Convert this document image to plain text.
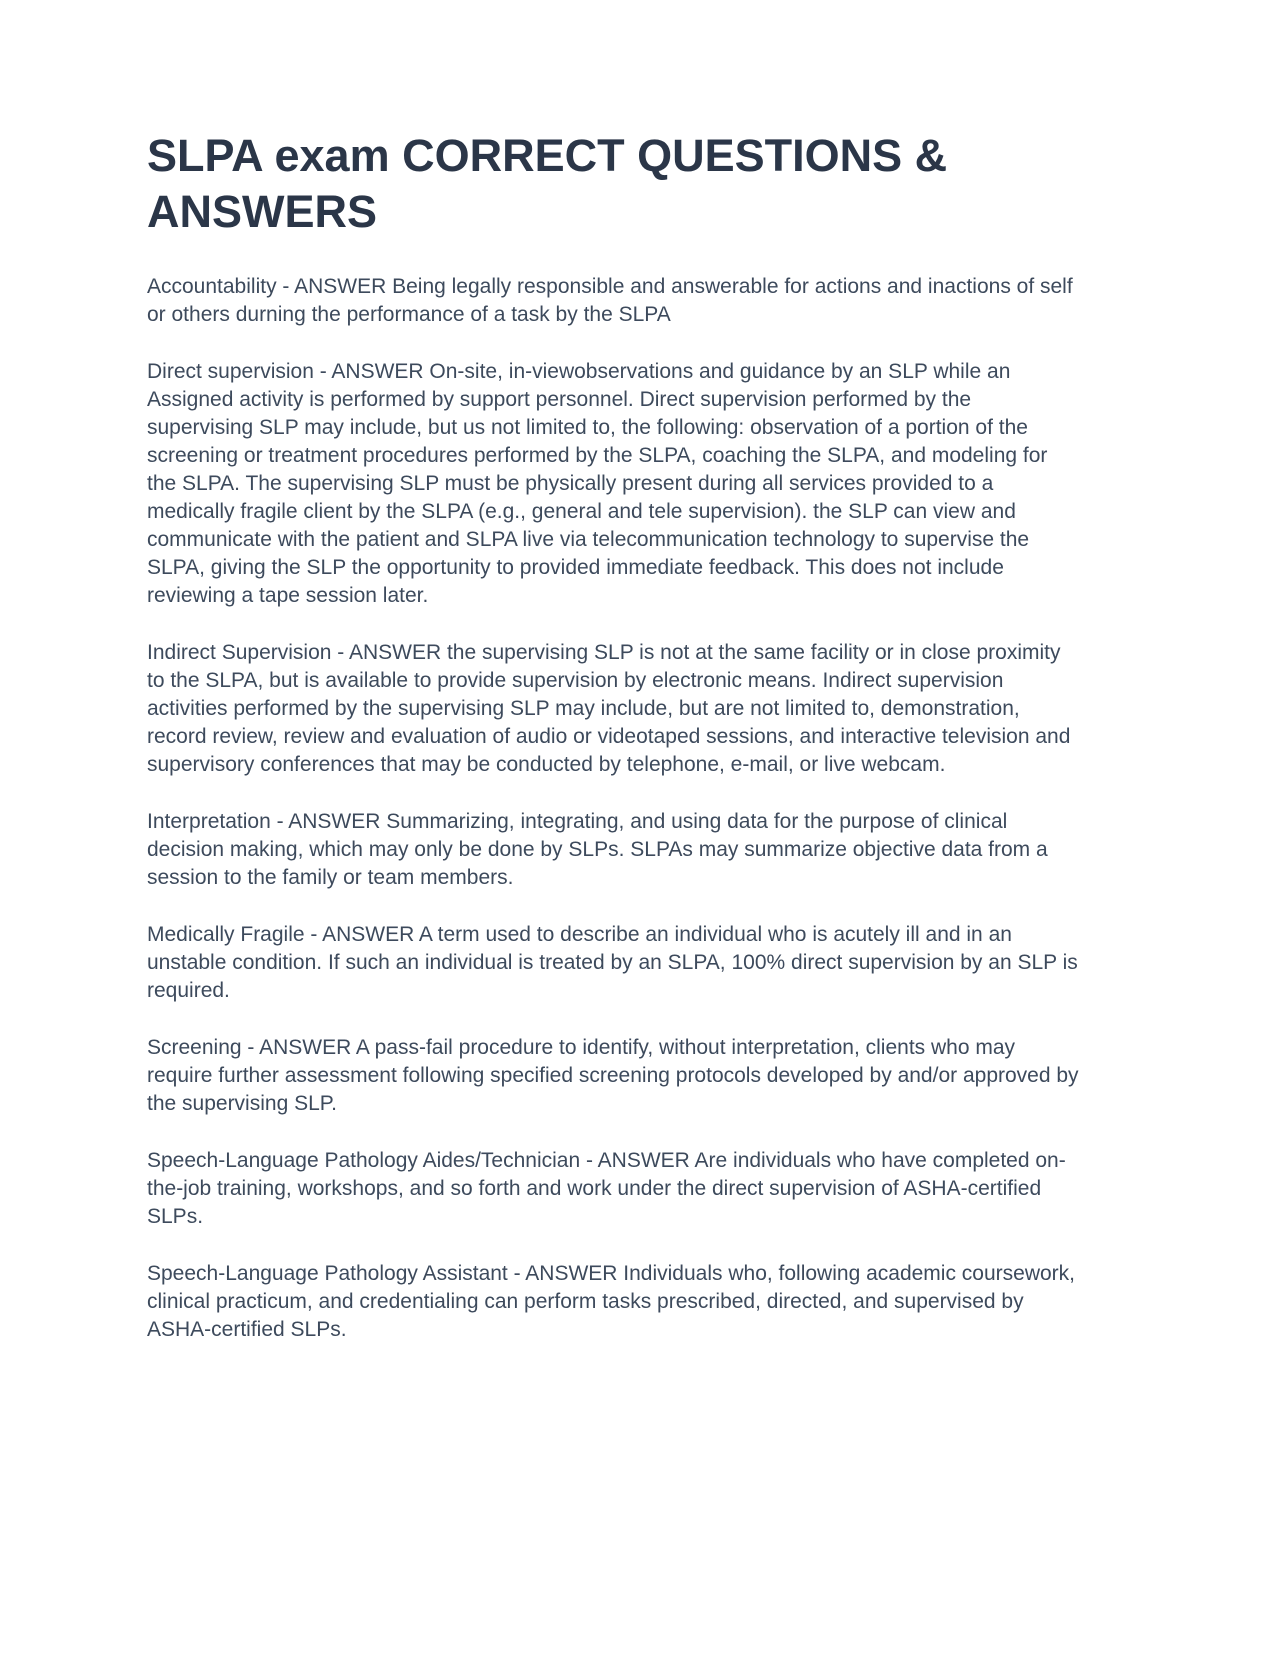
SLPA exam CORRECT QUESTIONS & ANSWERS

Accountability - ANSWER Being legally responsible and answerable for actions and inactions of self or others durning the performance of a task by the SLPA

Direct supervision - ANSWER On-site, in-viewobservations and guidance by an SLP while an Assigned activity is performed by support personnel. Direct supervision performed by the supervising SLP may include, but us not limited to, the following: observation of a portion of the screening or treatment procedures performed by the SLPA, coaching the SLPA, and modeling for the SLPA. The supervising SLP must be physically present during all services provided to a medically fragile client by the SLPA (e.g., general and tele supervision). the SLP can view and communicate with the patient and SLPA live via telecommunication technology to supervise the SLPA, giving the SLP the opportunity to provided immediate feedback. This does not include reviewing a tape session later.

Indirect Supervision - ANSWER the supervising SLP is not at the same facility or in close proximity to the SLPA, but is available to provide supervision by electronic means. Indirect supervision activities performed by the supervising SLP may include, but are not limited to, demonstration, record review, review and evaluation of audio or videotaped sessions, and interactive television and supervisory conferences that may be conducted by telephone, e-mail, or live webcam.

Interpretation - ANSWER Summarizing, integrating, and using data for the purpose of clinical decision making, which may only be done by SLPs. SLPAs may summarize objective data from a session to the family or team members.

Medically Fragile - ANSWER A term used to describe an individual who is acutely ill and in an unstable condition. If such an individual is treated by an SLPA, 100% direct supervision by an SLP is required.

Screening - ANSWER A pass-fail procedure to identify, without interpretation, clients who may require further assessment following specified screening protocols developed by and/or approved by the supervising SLP.

Speech-Language Pathology Aides/Technician - ANSWER Are individuals who have completed on-the-job training, workshops, and so forth and work under the direct supervision of ASHA-certified SLPs.

Speech-Language Pathology Assistant - ANSWER Individuals who, following academic coursework, clinical practicum, and credentialing can perform tasks prescribed, directed, and supervised by ASHA-certified SLPs.
